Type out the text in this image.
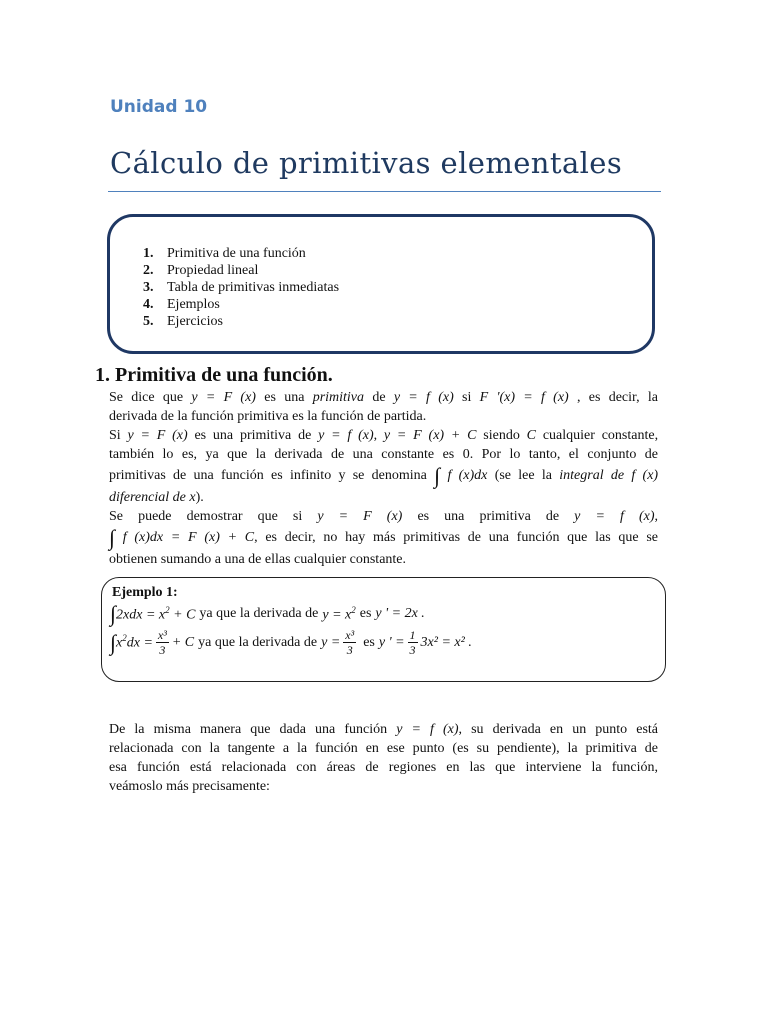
Unidad 10
Cálculo de primitivas elementales
1. Primitiva de una función
2. Propiedad lineal
3. Tabla de primitivas inmediatas
4. Ejemplos
5. Ejercicios
1. Primitiva de una función.

Se dice que y = F (x) es una primitiva de y = f (x) si F '(x) = f (x) , es decir, la

derivada de la función primitiva es la función de partida.

Si y = F (x) es una primitiva de y = f (x), y = F (x) + C siendo C cualquier constante,

también lo es, ya que la derivada de una constante es 0. Por lo tanto, el conjunto de

primitivas de una función es infinito y se denomina ∫ f (x)dx (se lee la integral de f (x)

diferencial de x).

Se puede demostrar que si y = F (x) es una primitiva de y = f (x),

∫ f (x)dx = F (x) + C, es decir, no hay más primitivas de una función que las que se

obtienen sumando a una de ellas cualquier constante.

Ejemplo 1:
∫ $2xdx = x^2 + C$ ya que la derivada de $y = x^2$ es y ' = 2x .
∫ $x^2dx = \frac{\text{x³}}{3} + C$ ya que la derivada de $y = \frac{\text{x³}}{3}$ es y ' = $\frac{1}{3} 3x^2 = x^2$ .

De la misma manera que dada una función y = f (x), su derivada en un punto está

relacionada con la tangente a la función en ese punto (es su pendiente), la primitiva de

esa función está relacionada con áreas de regiones en las que interviene la función,

veámoslo más precisamente:
